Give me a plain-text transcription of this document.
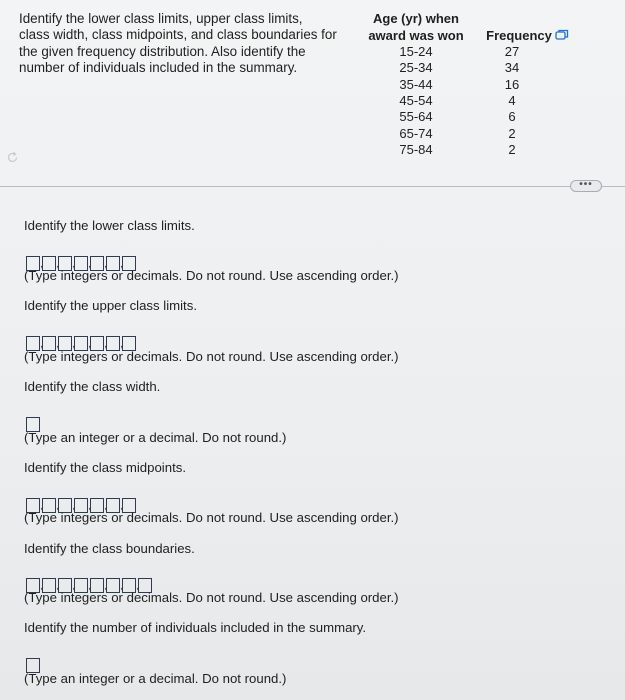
Identify the lower class limits, upper class limits,
class width, class midpoints, and class boundaries for
the given frequency distribution. Also identify the
number of individuals included in the summary.
Age (yr) when
award was won	Frequency
15-24	27
25-34	34
35-44	16
45-54	4
55-64	6
65-74	2
75-84	2
•••
Identify the lower class limits.
, , , , , ,
(Type integers or decimals. Do not round. Use ascending order.)
Identify the upper class limits.
, , , , , ,
(Type integers or decimals. Do not round. Use ascending order.)
Identify the class width.
(Type an integer or a decimal. Do not round.)
Identify the class midpoints.
, , , , , ,
(Type integers or decimals. Do not round. Use ascending order.)
Identify the class boundaries.
, , , , , , ,
(Type integers or decimals. Do not round. Use ascending order.)
Identify the number of individuals included in the summary.
(Type an integer or a decimal. Do not round.)
